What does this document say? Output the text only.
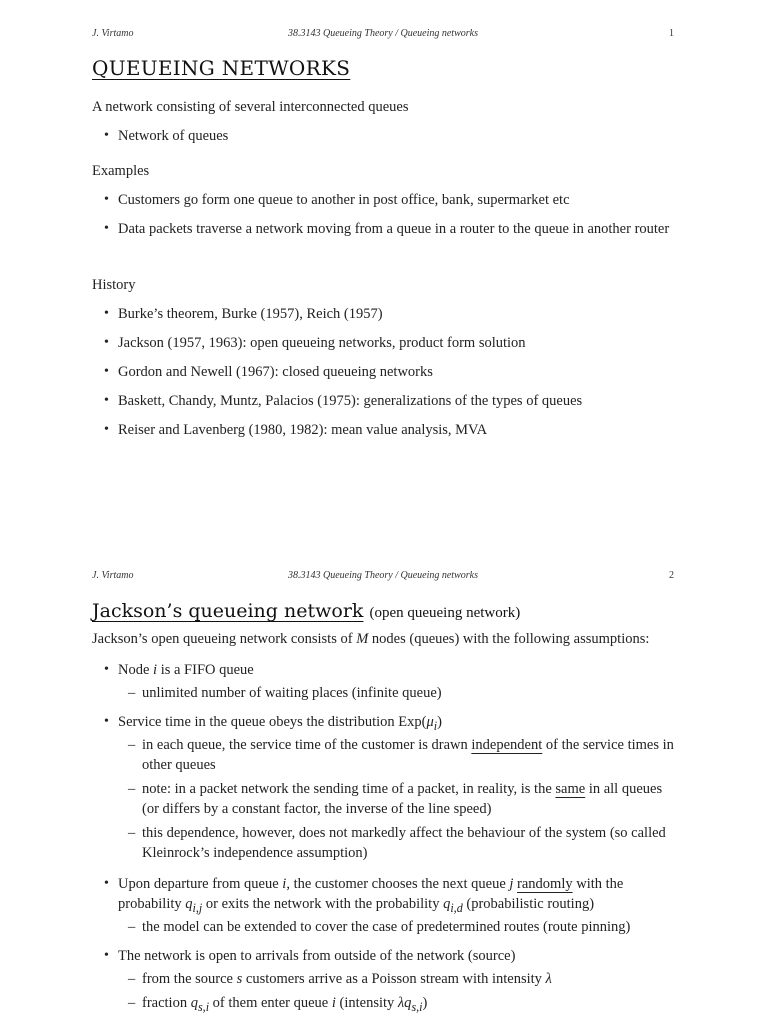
J. Virtamo	38.3143 Queueing Theory / Queueing networks	1
QUEUEING NETWORKS
A network consisting of several interconnected queues
• Network of queues
Examples
• Customers go form one queue to another in post office, bank, supermarket etc
• Data packets traverse a network moving from a queue in a router to the queue in another router
History
• Burke’s theorem, Burke (1957), Reich (1957)
• Jackson (1957, 1963): open queueing networks, product form solution
• Gordon and Newell (1967): closed queueing networks
• Baskett, Chandy, Muntz, Palacios (1975): generalizations of the types of queues
• Reiser and Lavenberg (1980, 1982): mean value analysis, MVA
J. Virtamo	38.3143 Queueing Theory / Queueing networks	2
Jackson’s queueing network (open queueing network)
Jackson’s open queueing network consists of M nodes (queues) with the following assumptions:
• Node i is a FIFO queue
– unlimited number of waiting places (infinite queue)
• Service time in the queue obeys the distribution $Exp(\mu_i)$
– in each queue, the service time of the customer is drawn independent of the service times in other queues
– note: in a packet network the sending time of a packet, in reality, is the same in all queues (or differs by a constant factor, the inverse of the line speed)
– this dependence, however, does not markedly affect the behaviour of the system (so called Kleinrock’s independence assumption)
• Upon departure from queue i, the customer chooses the next queue j randomly with the probability $q_{i,j}$ or exits the network with the probability $q_{i,d}$ (probabilistic routing)
– the model can be extended to cover the case of predetermined routes (route pinning)
• The network is open to arrivals from outside of the network (source)
– from the source s customers arrive as a Poisson stream with intensity λ
– fraction $q_{s,i}$ of them enter queue i (intensity $\lambda q_{s,i}$)
